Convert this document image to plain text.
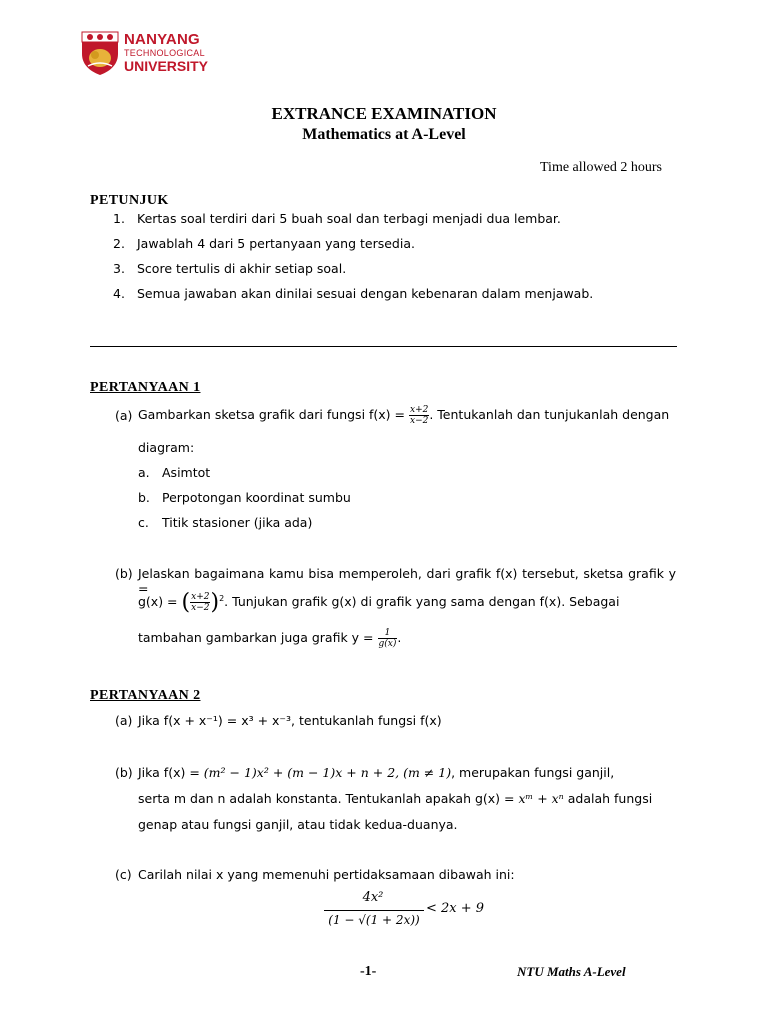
NANYANG
TECHNOLOGICAL
UNIVERSITY
EXTRANCE EXAMINATION
Mathematics at A-Level
Time allowed 2 hours
PETUNJUK
1. Kertas soal terdiri dari 5 buah soal dan terbagi menjadi dua lembar.
2. Jawablah 4 dari 5 pertanyaan yang tersedia.
3. Score tertulis di akhir setiap soal.
4. Semua jawaban akan dinilai sesuai dengan kebenaran dalam menjawab.
PERTANYAAN 1
(a) Gambarkan sketsa grafik dari fungsi $f(x) = \frac{x+2}{x-2}$ . Tentukanlah dan tunjukanlah dengan
diagram:
a. Asimtot
b. Perpotongan koordinat sumbu
c. Titik stasioner (jika ada)
(b) Jelaskan bagaimana kamu bisa memperoleh, dari grafik f(x) tersebut, sketsa grafik y =
g(x) = ( $\frac{x+2}{x-2} )^2$. Tunjukan grafik g(x) di grafik yang sama dengan f(x). Sebagai
tambahan gambarkan juga grafik $y = \frac{1}{g(x)}$ .
PERTANYAAN 2
(a) Jika f(x + x⁻¹) = x³ + x⁻³, tentukanlah fungsi f(x)
(b) Jika f(x) = (m² − 1)x² + (m − 1)x + n + 2, (m ≠ 1), merupakan fungsi ganjil,
serta m dan n adalah konstanta. Tentukanlah apakah g(x) = xᵐ + xⁿ adalah fungsi
genap atau fungsi ganjil, atau tidak kedua-duanya.
(c) Carilah nilai x yang memenuhi pertidaksamaan dibawah ini:
4x²
(1 − √(1 + 2x))
< 2x + 9
-1-	NTU Maths A-Level
